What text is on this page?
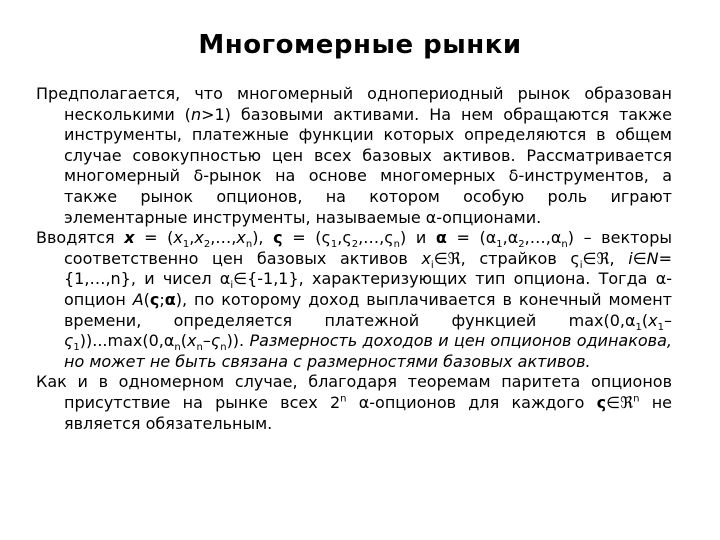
Многомерные рынки

Предполагается, что многомерный однопериодный рынок образован несколькими (n>1) базовыми активами. На нем обращаются также инструменты, платежные функции которых определяются в общем случае совокупностью цен всех базовых активов. Рассматривается многомерный δ-рынок на основе многомерных δ-инструментов, а также рынок опционов, на котором особую роль играют элементарные инструменты, называемые α-опционами.

Вводятся $x = (x_1,x_2,\dots,x_n)$, $\varsigma = (\varsigma_1,\varsigma_2,\dots,\varsigma_n)$ и $\alpha = (\alpha_1,\alpha_2,\dots,\alpha_n)$ – векторы соответственно цен базовых активов $x_i\in ℜ$, страйков $\varsigma_i\in ℜ$, i∈N={1,…,n}, и чисел $\alpha_i\in\{-1,1\}$, характеризующих тип опциона. Тогда α-опцион A(ς;α), по которому доход выплачивается в конечный момент времени, определяется платежной функцией $\max(0,\alpha_1(x_1-\varsigma_1))...\max(0,\alpha_n(x_n-\varsigma_n))$. Размерность доходов и цен опционов одинакова, но может не быть связана с размерностями базовых активов.

Как и в одномерном случае, благодаря теоремам паритета опционов присутствие на рынке всех 2$^n$ α-опционов для каждого ς∈ℜ$^n$ не является обязательным.
